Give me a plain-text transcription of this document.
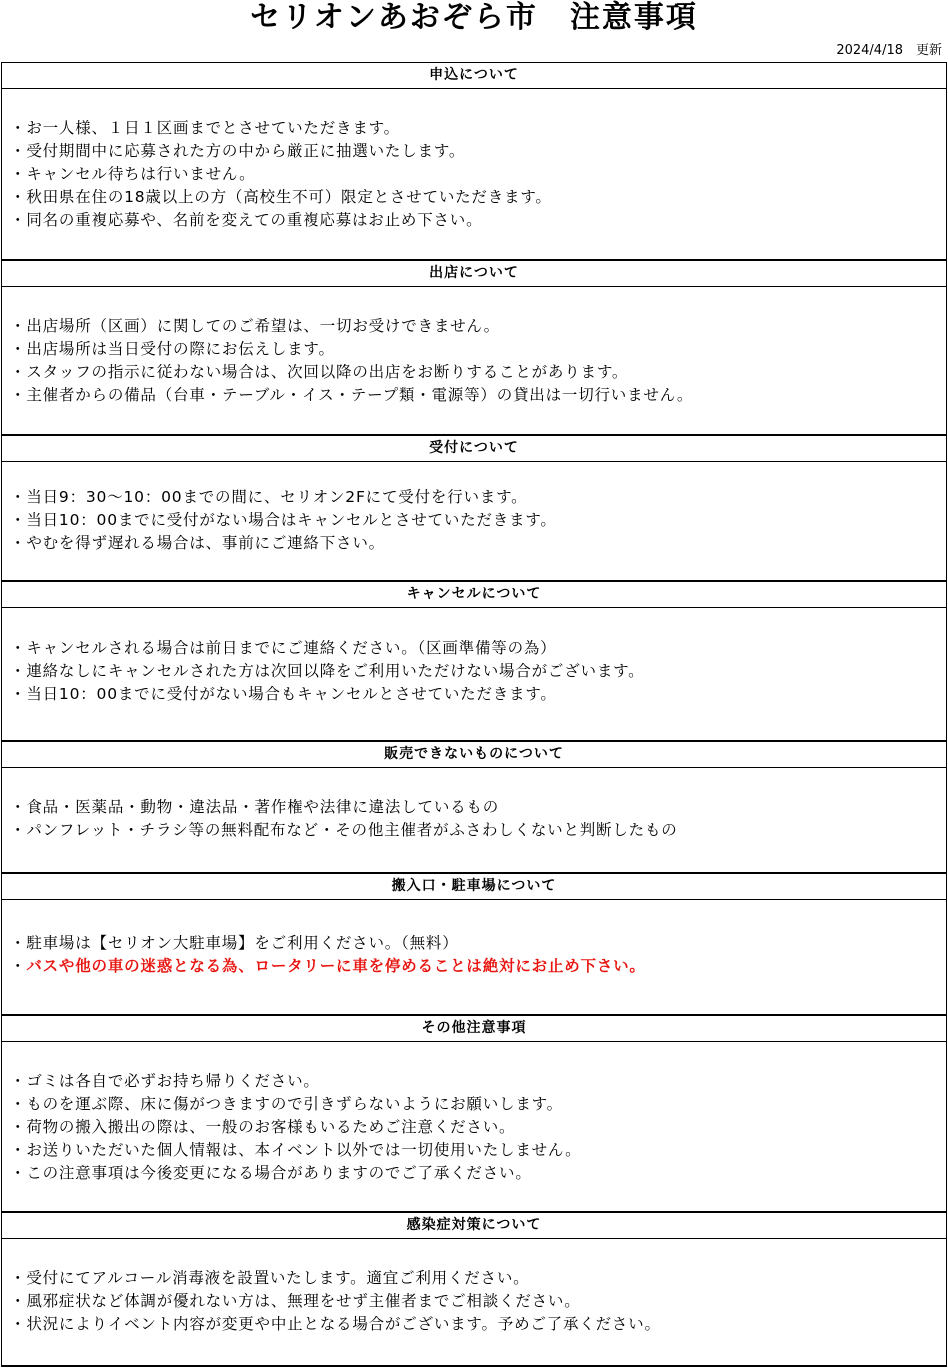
セリオンあおぞら市　注意事項
2024/4/18　更新
申込について
・お一人様、１日１区画までとさせていただきます。
・受付期間中に応募された方の中から厳正に抽選いたします。
・キャンセル待ちは行いません。
・秋田県在住の18歳以上の方（高校生不可）限定とさせていただきます。
・同名の重複応募や、名前を変えての重複応募はお止め下さい。
出店について
・出店場所（区画）に関してのご希望は、一切お受けできません。
・出店場所は当日受付の際にお伝えします。
・スタッフの指示に従わない場合は、次回以降の出店をお断りすることがあります。
・主催者からの備品（台車・テーブル・イス・テープ類・電源等）の貸出は一切行いません。
受付について
・当日9：30～10：00までの間に、セリオン2Fにて受付を行います。
・当日10：00までに受付がない場合はキャンセルとさせていただきます。
・やむを得ず遅れる場合は、事前にご連絡下さい。
キャンセルについて
・キャンセルされる場合は前日までにご連絡ください。（区画準備等の為）
・連絡なしにキャンセルされた方は次回以降をご利用いただけない場合がございます。
・当日10：00までに受付がない場合もキャンセルとさせていただきます。
販売できないものについて
・食品・医薬品・動物・違法品・著作権や法律に違法しているもの
・パンフレット・チラシ等の無料配布など・その他主催者がふさわしくないと判断したもの
搬入口・駐車場について
・駐車場は【セリオン大駐車場】をご利用ください。（無料）
・バスや他の車の迷惑となる為、ロータリーに車を停めることは絶対にお止め下さい。
その他注意事項
・ゴミは各自で必ずお持ち帰りください。
・ものを運ぶ際、床に傷がつきますので引きずらないようにお願いします。
・荷物の搬入搬出の際は、一般のお客様もいるためご注意ください。
・お送りいただいた個人情報は、本イベント以外では一切使用いたしません。
・この注意事項は今後変更になる場合がありますのでご了承ください。
感染症対策について
・受付にてアルコール消毒液を設置いたします。適宜ご利用ください。
・風邪症状など体調が優れない方は、無理をせず主催者までご相談ください。
・状況によりイベント内容が変更や中止となる場合がございます。予めご了承ください。
